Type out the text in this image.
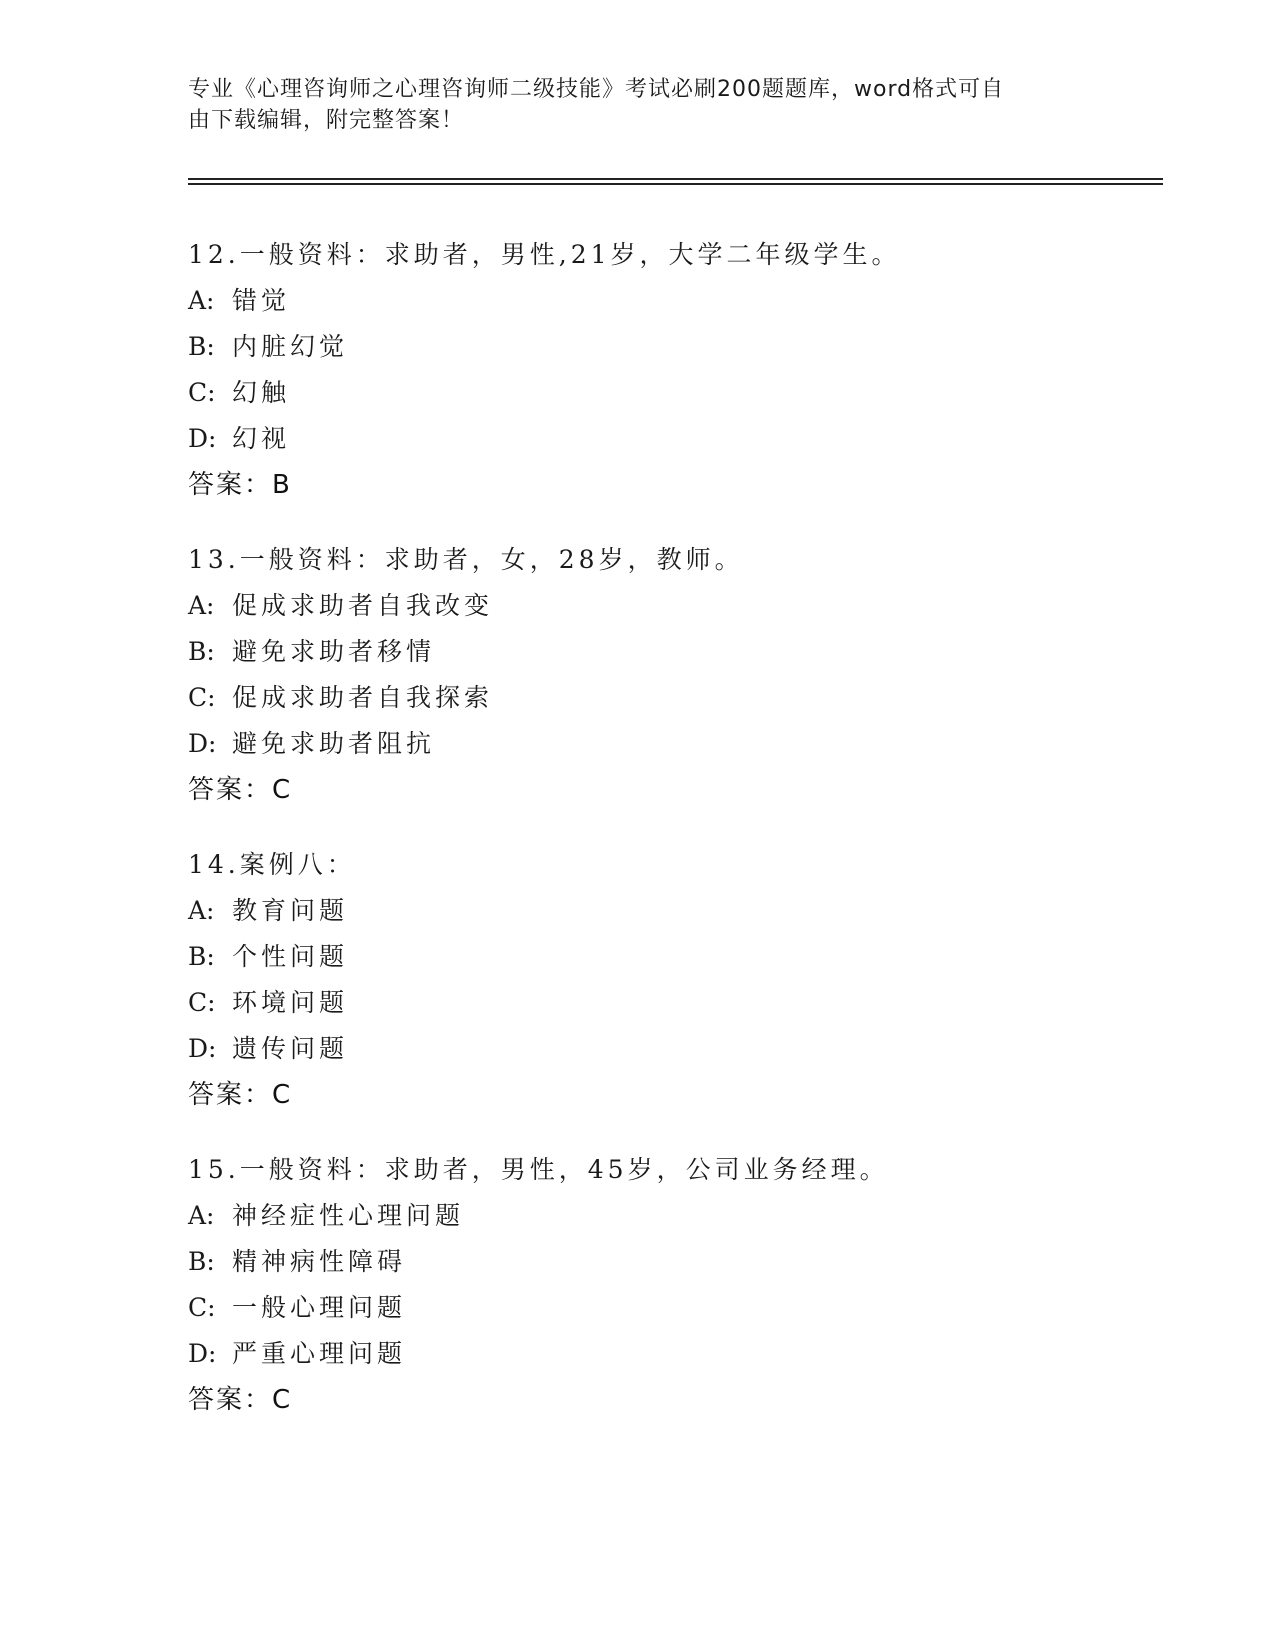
专业《心理咨询师之心理咨询师二级技能》考试必刷200题题库，word格式可自
由下载编辑，附完整答案！
12.一般资料：求助者，男性,21岁，大学二年级学生。
A: 错觉
B: 内脏幻觉
C: 幻触
D: 幻视
答案：B
13.一般资料：求助者，女，28岁，教师。
A: 促成求助者自我改变
B: 避免求助者移情
C: 促成求助者自我探索
D: 避免求助者阻抗
答案：C
14.案例八：
A: 教育问题
B: 个性问题
C: 环境问题
D: 遗传问题
答案：C
15.一般资料：求助者，男性，45岁，公司业务经理。
A: 神经症性心理问题
B: 精神病性障碍
C: 一般心理问题
D: 严重心理问题
答案：C
